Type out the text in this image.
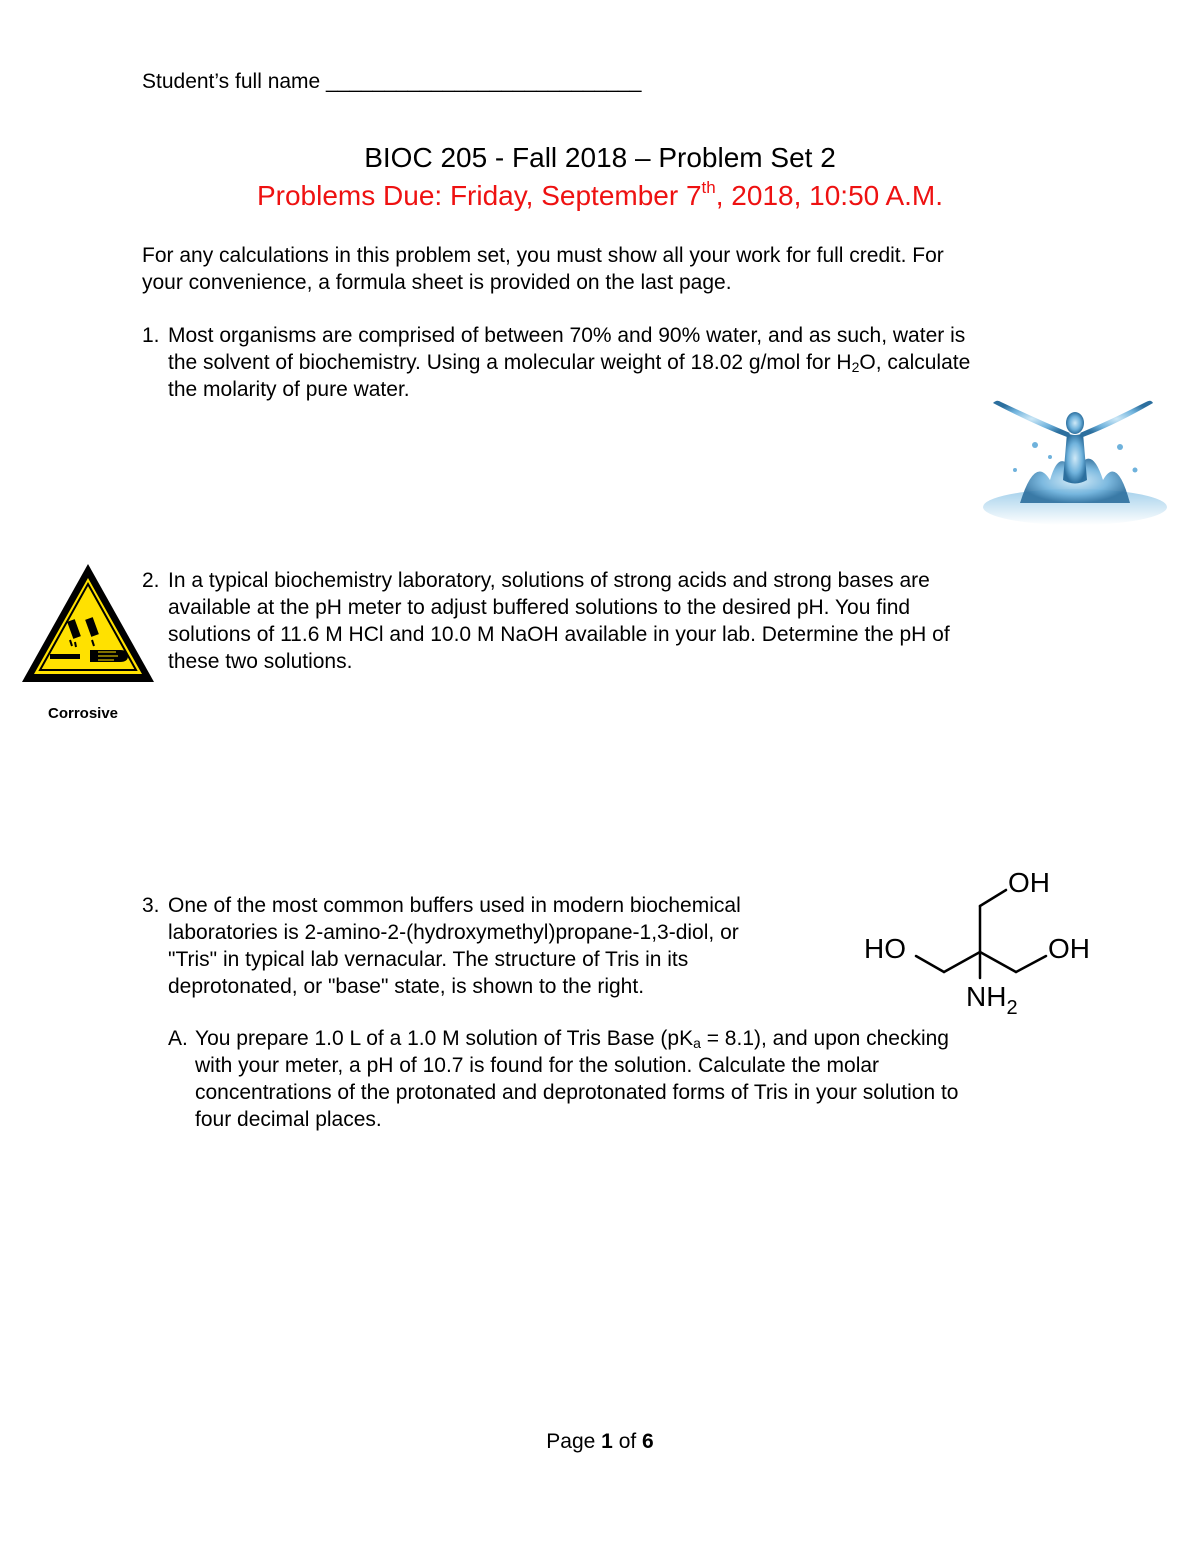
Student’s full name ___________________________
BIOC 205 - Fall 2018 – Problem Set 2
Problems Due: Friday, September 7th, 2018, 10:50 A.M.
For any calculations in this problem set, you must show all your work for full credit. For
your convenience, a formula sheet is provided on the last page.
1. Most organisms are comprised of between 70% and 90% water, and as such, water is
the solvent of biochemistry. Using a molecular weight of 18.02 g/mol for $H_2O$, calculate
the molarity of pure water.
Corrosive
2. In a typical biochemistry laboratory, solutions of strong acids and strong bases are
available at the pH meter to adjust buffered solutions to the desired pH. You find
solutions of 11.6 M HCl and 10.0 M NaOH available in your lab. Determine the pH of
these two solutions.
3. One of the most common buffers used in modern biochemical
laboratories is 2-amino-2-(hydroxymethyl)propane-1,3-diol, or
"Tris" in typical lab vernacular. The structure of Tris in its
deprotonated, or "base" state, is shown to the right.
OH
HO	OH
$NH_2$
A. You prepare 1.0 L of a 1.0 M solution of Tris Base $(pK_a = 8.1)$, and upon checking
with your meter, a pH of 10.7 is found for the solution. Calculate the molar
concentrations of the protonated and deprotonated forms of Tris in your solution to
four decimal places.
Page 1 of 6
